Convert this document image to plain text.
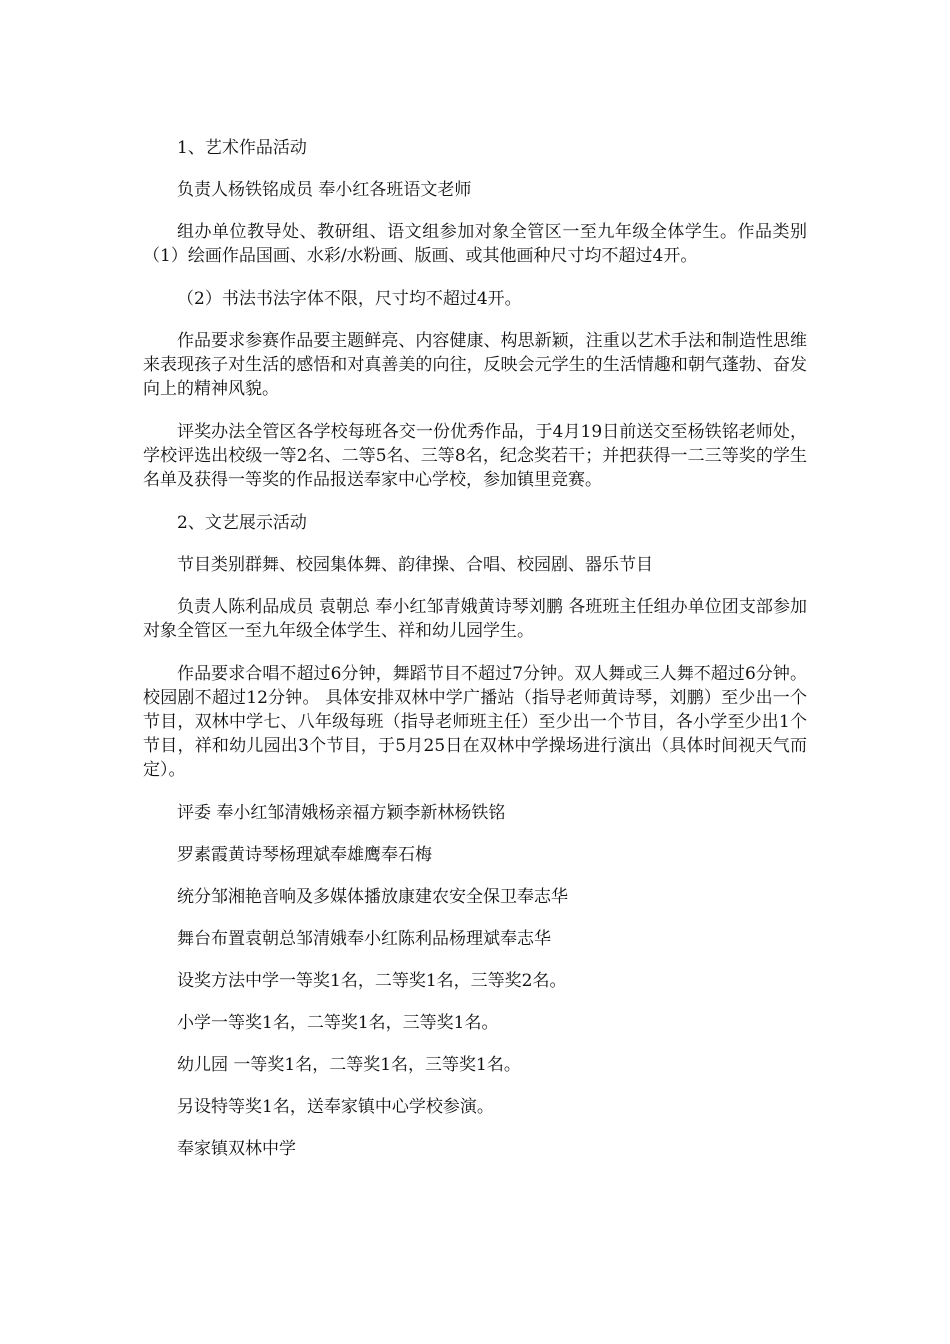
1、艺术作品活动

负责人杨铁铭成员 奉小红各班语文老师

组办单位教导处、教研组、语文组参加对象全管区一至九年级全体学生。作品类别（1）绘画作品国画、水彩/水粉画、版画、或其他画种尺寸均不超过4开。

（2）书法书法字体不限，尺寸均不超过4开。

作品要求参赛作品要主题鲜亮、内容健康、构思新颖，注重以艺术手法和制造性思维来表现孩子对生活的感悟和对真善美的向往，反映会元学生的生活情趣和朝气蓬勃、奋发向上的精神风貌。

评奖办法全管区各学校每班各交一份优秀作品，于4月19日前送交至杨铁铭老师处，学校评选出校级一等2名、二等5名、三等8名，纪念奖若干；并把获得一二三等奖的学生名单及获得一等奖的作品报送奉家中心学校，参加镇里竞赛。

2、文艺展示活动

节目类别群舞、校园集体舞、韵律操、合唱、校园剧、器乐节目

负责人陈利品成员 袁朝总 奉小红邹青娥黄诗琴刘鹏 各班班主任组办单位团支部参加对象全管区一至九年级全体学生、祥和幼儿园学生。

作品要求合唱不超过6分钟，舞蹈节目不超过7分钟。双人舞或三人舞不超过6分钟。校园剧不超过12分钟。 具体安排双林中学广播站（指导老师黄诗琴，刘鹏）至少出一个节目，双林中学七、八年级每班（指导老师班主任）至少出一个节目，各小学至少出1个节目，祥和幼儿园出3个节目，于5月25日在双林中学操场进行演出（具体时间视天气而定）。

评委 奉小红邹清娥杨亲福方颖李新林杨铁铭

罗素霞黄诗琴杨理斌奉雄鹰奉石梅

统分邹湘艳音响及多媒体播放康建农安全保卫奉志华

舞台布置袁朝总邹清娥奉小红陈利品杨理斌奉志华

设奖方法中学一等奖1名，二等奖1名，三等奖2名。

小学一等奖1名，二等奖1名，三等奖1名。

幼儿园 一等奖1名，二等奖1名，三等奖1名。

另设特等奖1名，送奉家镇中心学校参演。

奉家镇双林中学
